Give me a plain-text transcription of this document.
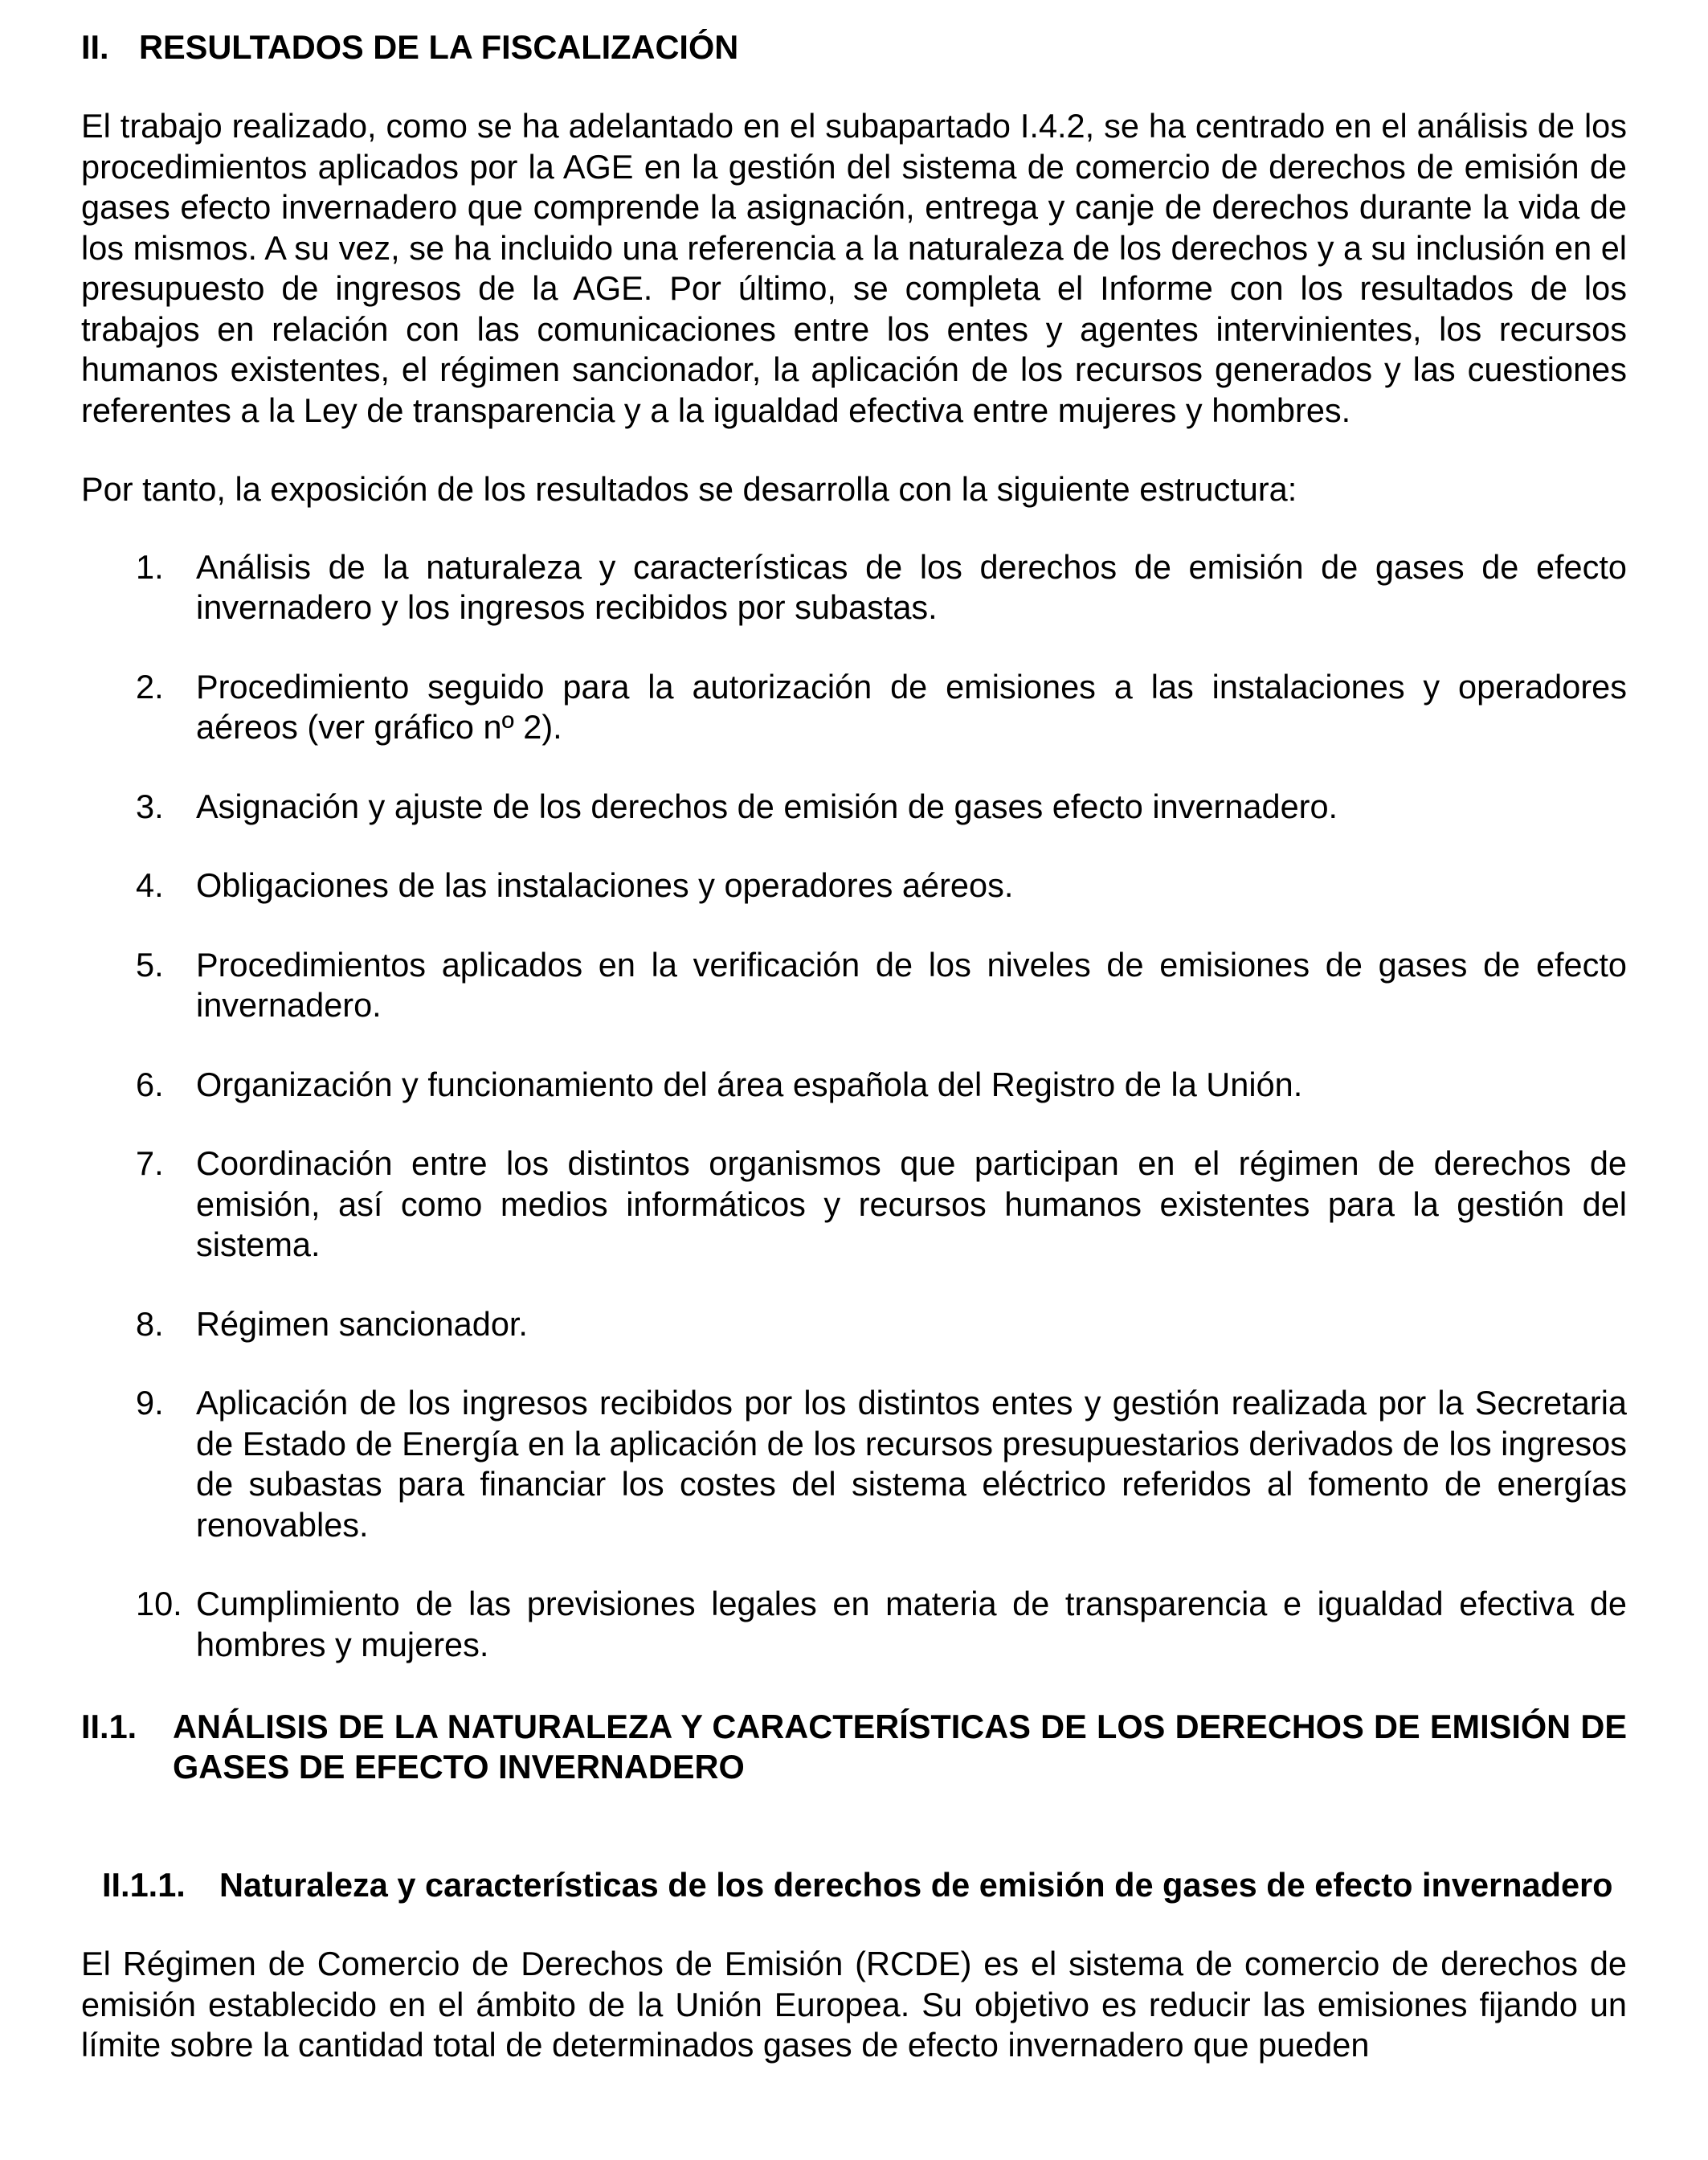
II. RESULTADOS DE LA FISCALIZACIÓN

El trabajo realizado, como se ha adelantado en el subapartado I.4.2, se ha centrado en el análisis de los procedimientos aplicados por la AGE en la gestión del sistema de comercio de derechos de emisión de gases efecto invernadero que comprende la asignación, entrega y canje de derechos durante la vida de los mismos. A su vez, se ha incluido una referencia a la naturaleza de los derechos y a su inclusión en el presupuesto de ingresos de la AGE. Por último, se completa el Informe con los resultados de los trabajos en relación con las comunicaciones entre los entes y agentes intervinientes, los recursos humanos existentes, el régimen sancionador, la aplicación de los recursos generados y las cuestiones referentes a la Ley de transparencia y a la igualdad efectiva entre mujeres y hombres.

Por tanto, la exposición de los resultados se desarrolla con la siguiente estructura:

1. Análisis de la naturaleza y características de los derechos de emisión de gases de efecto invernadero y los ingresos recibidos por subastas.
2. Procedimiento seguido para la autorización de emisiones a las instalaciones y operadores aéreos (ver gráfico nº 2).
3. Asignación y ajuste de los derechos de emisión de gases efecto invernadero.
4. Obligaciones de las instalaciones y operadores aéreos.
5. Procedimientos aplicados en la verificación de los niveles de emisiones de gases de efecto invernadero.
6. Organización y funcionamiento del área española del Registro de la Unión.
7. Coordinación entre los distintos organismos que participan en el régimen de derechos de emisión, así como medios informáticos y recursos humanos existentes para la gestión del sistema.
8. Régimen sancionador.
9. Aplicación de los ingresos recibidos por los distintos entes y gestión realizada por la Secretaria de Estado de Energía en la aplicación de los recursos presupuestarios derivados de los ingresos de subastas para financiar los costes del sistema eléctrico referidos al fomento de energías renovables.
10. Cumplimiento de las previsiones legales en materia de transparencia e igualdad efectiva de hombres y mujeres.
II.1. ANÁLISIS DE LA NATURALEZA Y CARACTERÍSTICAS DE LOS DERECHOS DE EMISIÓN DE GASES DE EFECTO INVERNADERO
II.1.1. Naturaleza y características de los derechos de emisión de gases de efecto invernadero

El Régimen de Comercio de Derechos de Emisión (RCDE) es el sistema de comercio de derechos de emisión establecido en el ámbito de la Unión Europea. Su objetivo es reducir las emisiones fijando un límite sobre la cantidad total de determinados gases de efecto invernadero que pueden
